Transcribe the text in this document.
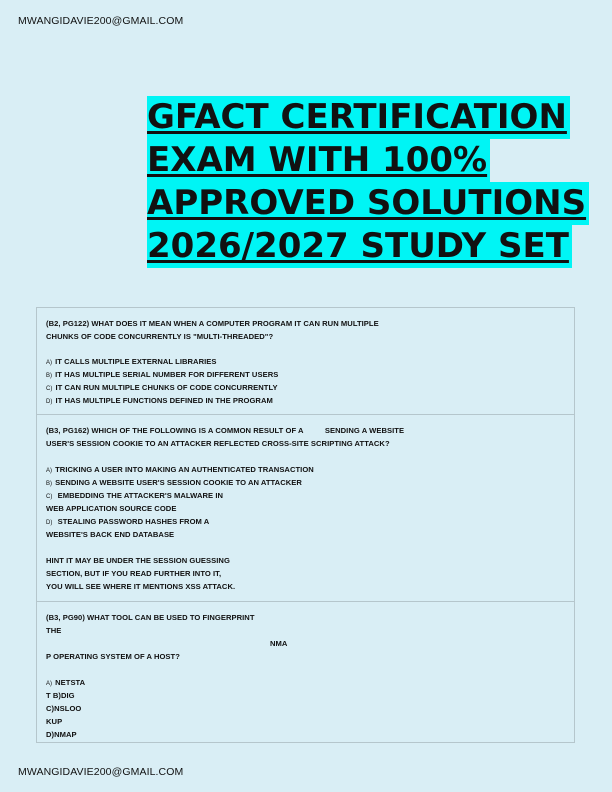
MWANGIDAVIE200@GMAIL.COM
GFACT CERTIFICATION
EXAM WITH 100%
APPROVED SOLUTIONS
2026/2027 STUDY SET
(B2, PG122) WHAT DOES IT MEAN WHEN A COMPUTER PROGRAM IT CAN RUN MULTIPLE
CHUNKS OF CODE CONCURRENTLY IS "MULTI-THREADED"?
A) IT CALLS MULTIPLE EXTERNAL LIBRARIES
B) IT HAS MULTIPLE SERIAL NUMBER FOR DIFFERENT USERS
C) IT CAN RUN MULTIPLE CHUNKS OF CODE CONCURRENTLY
D) IT HAS MULTIPLE FUNCTIONS DEFINED IN THE PROGRAM
(B3, PG162) WHICH OF THE FOLLOWING IS A COMMON RESULT OF A          SENDING A WEBSITE
USER'S SESSION COOKIE TO AN ATTACKER REFLECTED CROSS-SITE SCRIPTING ATTACK?
A) TRICKING A USER INTO MAKING AN AUTHENTICATED TRANSACTION
B) SENDING A WEBSITE USER'S SESSION COOKIE TO AN ATTACKER
C) EMBEDDING THE ATTACKER'S MALWARE IN
WEB APPLICATION SOURCE CODE
D) STEALING PASSWORD HASHES FROM A
WEBSITE'S BACK END DATABASE
HINT IT MAY BE UNDER THE SESSION GUESSING
SECTION, BUT IF YOU READ FURTHER INTO IT,
YOU WILL SEE WHERE IT MENTIONS XSS ATTACK.
(B3, PG90) WHAT TOOL CAN BE USED TO FINGERPRINT
THE
NMA
P OPERATING SYSTEM OF A HOST?
A) NETSTA
T B)DIG
C)NSLOO
KUP
D)NMAP
MWANGIDAVIE200@GMAIL.COM
